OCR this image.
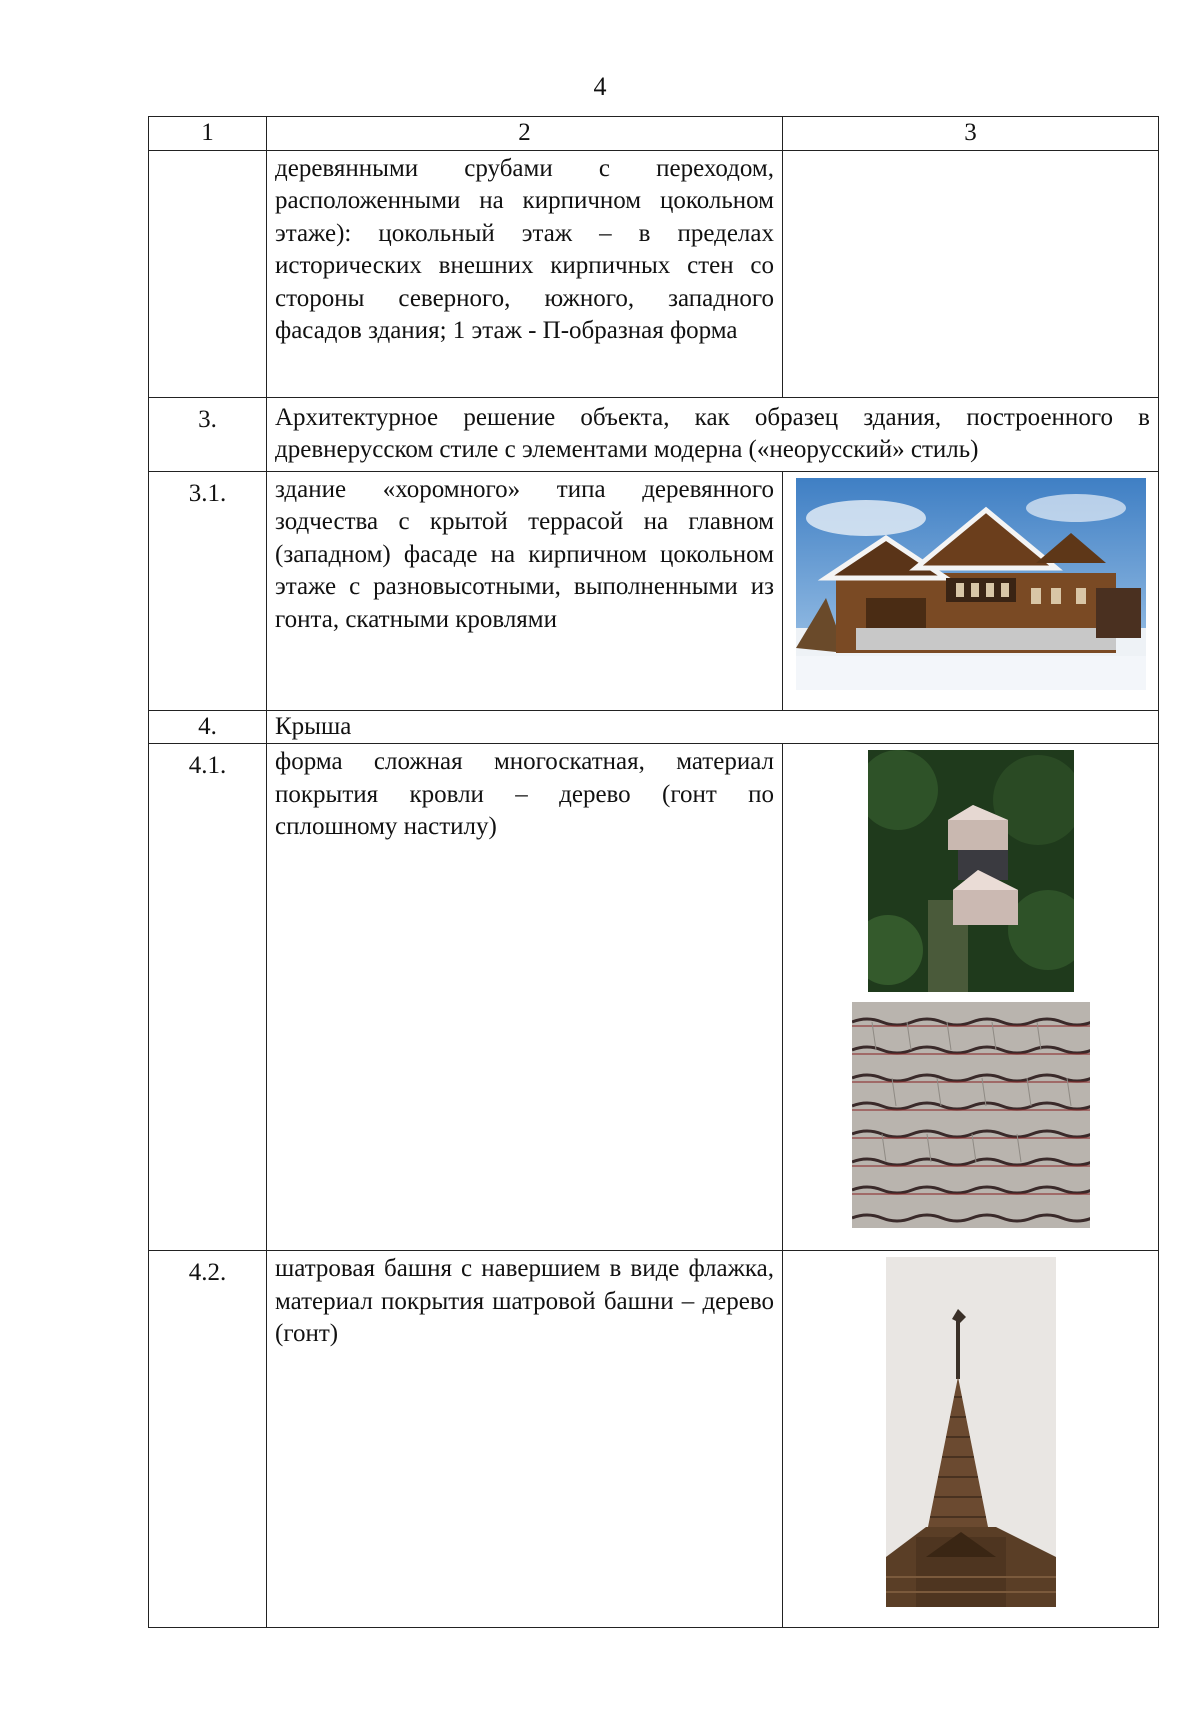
4
1	2	3
	деревянными срубами с переходом, расположенными на кирпичном цокольном этаже): цокольный этаж – в пределах исторических внешних кирпичных стен со стороны северного, южного, западного фасадов здания; 1 этаж - П-образная форма	
3.	Архитектурное решение объекта, как образец здания, построенного в древнерусском стиле с элементами модерна («неорусский» стиль)	
3.1.	здание «хоромного» типа деревянного зодчества с крытой террасой на главном (западном) фасаде на кирпичном цокольном этаже с разновысотными, выполненными из гонта, скатными кровлями	

4.	Крыша	
4.1.	форма сложная многоскатная, материал покрытия кровли – дерево (гонт по сплошному настилу)	

4.2.	шатровая башня с навершием в виде флажка, материал покрытия шатровой башни – дерево (гонт)	
